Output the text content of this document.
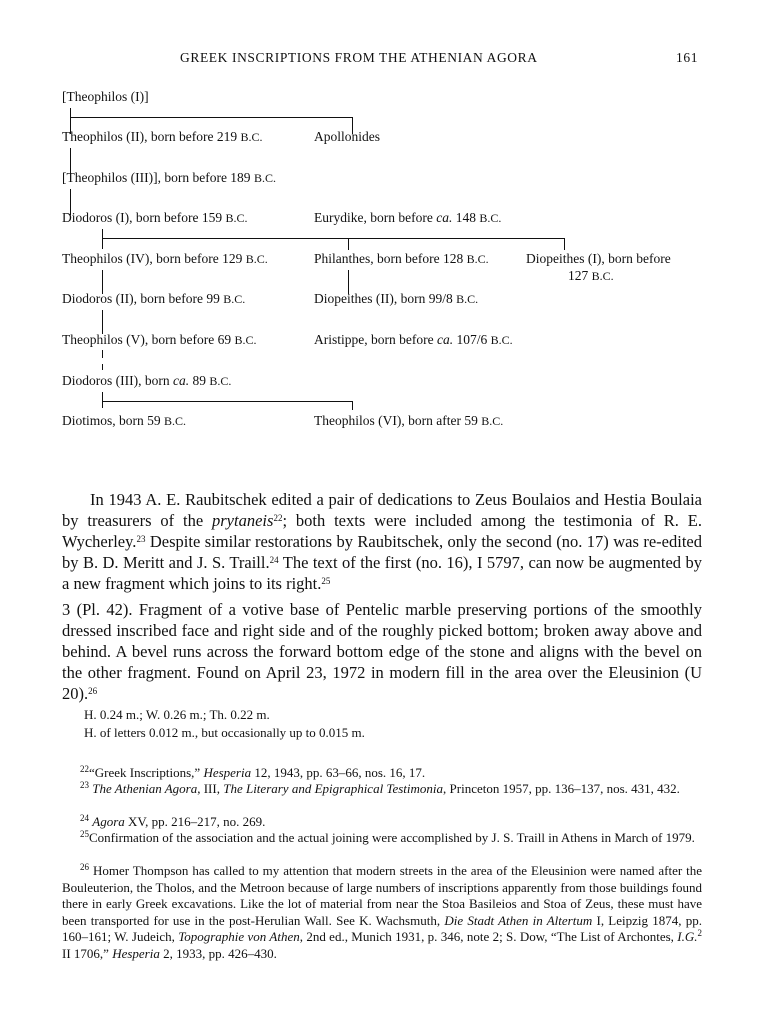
GREEK INSCRIPTIONS FROM THE ATHENIAN AGORA	161
[Theophilos (I)]
Theophilos (II), born before 219 B.C.	Apollonides
[Theophilos (III)], born before 189 B.C.
Diodoros (I), born before 159 B.C.	Eurydike, born before ca. 148 B.C.
Theophilos (IV), born before 129 B.C.	Philanthes, born before 128 B.C.	Diopeithes (I), born before
127 B.C.
Diodoros (II), born before 99 B.C.	Diopeithes (II), born 99/8 B.C.
Theophilos (V), born before 69 B.C.	Aristippe, born before ca. 107/6 B.C.
Diodoros (III), born ca. 89 B.C.
Diotimos, born 59 B.C.	Theophilos (VI), born after 59 B.C.

In 1943 A. E. Raubitschek edited a pair of dedications to Zeus Boulaios and Hestia Boulaia by treasurers of the prytaneis$^{22}$; both texts were included among the testimonia of R. E. Wycherley.$^{23}$ Despite similar restorations by Raubitschek, only the second (no. 17) was re-edited by B. D. Meritt and J. S. Traill.$^{24}$ The text of the first (no. 16), I 5797, can now be augmented by a new fragment which joins to its right.$^{25}$

3 (Pl. 42). Fragment of a votive base of Pentelic marble preserving portions of the smoothly dressed inscribed face and right side and of the roughly picked bottom; broken away above and behind. A bevel runs across the forward bottom edge of the stone and aligns with the bevel on the other fragment. Found on April 23, 1972 in modern fill in the area over the Eleusinion (U 20).$^{26}$

H. 0.24 m.; W. 0.26 m.; Th. 0.22 m.
H. of letters 0.012 m., but occasionally up to 0.015 m.
$^{22}$“Greek Inscriptions,” Hesperia 12, 1943, pp. 63–66, nos. 16, 17.
$^{23}$ The Athenian Agora, III, The Literary and Epigraphical Testimonia, Princeton 1957, pp. 136–137, nos. 431, 432.
$^{24}$ Agora XV, pp. 216–217, no. 269.
$^{25}$Confirmation of the association and the actual joining were accomplished by J. S. Traill in Athens in March of 1979.
$^{26}$ Homer Thompson has called to my attention that modern streets in the area of the Eleusinion were named after the Bouleuterion, the Tholos, and the Metroon because of large numbers of inscriptions apparently from those buildings found there in early Greek excavations. Like the lot of material from near the Stoa Basileios and Stoa of Zeus, these must have been transported for use in the post-Herulian Wall. See K. Wachsmuth, Die Stadt Athen in Altertum I, Leipzig 1874, pp. 160–161; W. Judeich, Topographie von Athen, 2nd ed., Munich 1931, p. 346, note 2; S. Dow, “The List of Archontes, I.G.$^2$ II 1706,” Hesperia 2, 1933, pp. 426–430.
